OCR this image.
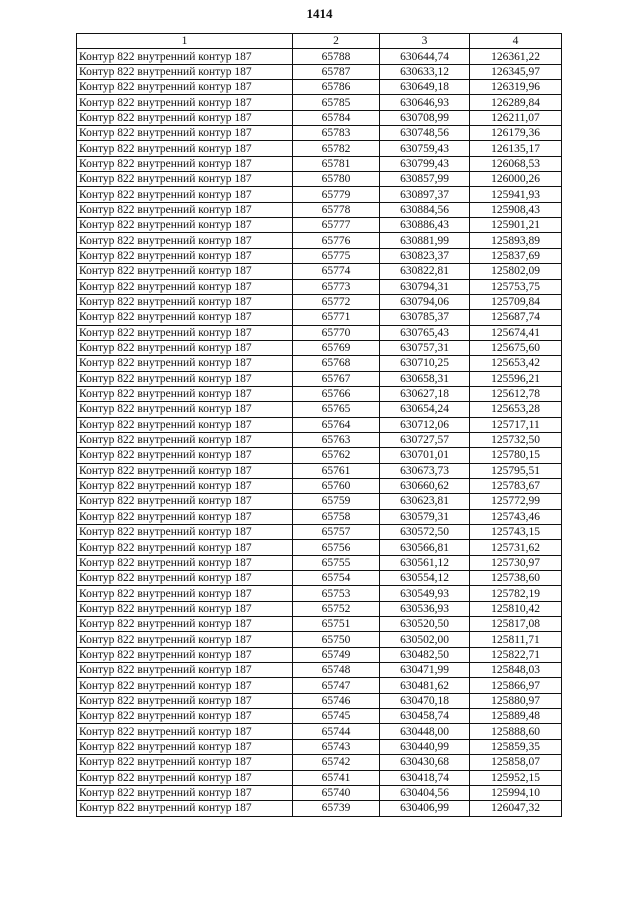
1414
1	2	3	4
Контур 822 внутренний контур 187	65788	630644,74	126361,22
Контур 822 внутренний контур 187	65787	630633,12	126345,97
Контур 822 внутренний контур 187	65786	630649,18	126319,96
Контур 822 внутренний контур 187	65785	630646,93	126289,84
Контур 822 внутренний контур 187	65784	630708,99	126211,07
Контур 822 внутренний контур 187	65783	630748,56	126179,36
Контур 822 внутренний контур 187	65782	630759,43	126135,17
Контур 822 внутренний контур 187	65781	630799,43	126068,53
Контур 822 внутренний контур 187	65780	630857,99	126000,26
Контур 822 внутренний контур 187	65779	630897,37	125941,93
Контур 822 внутренний контур 187	65778	630884,56	125908,43
Контур 822 внутренний контур 187	65777	630886,43	125901,21
Контур 822 внутренний контур 187	65776	630881,99	125893,89
Контур 822 внутренний контур 187	65775	630823,37	125837,69
Контур 822 внутренний контур 187	65774	630822,81	125802,09
Контур 822 внутренний контур 187	65773	630794,31	125753,75
Контур 822 внутренний контур 187	65772	630794,06	125709,84
Контур 822 внутренний контур 187	65771	630785,37	125687,74
Контур 822 внутренний контур 187	65770	630765,43	125674,41
Контур 822 внутренний контур 187	65769	630757,31	125675,60
Контур 822 внутренний контур 187	65768	630710,25	125653,42
Контур 822 внутренний контур 187	65767	630658,31	125596,21
Контур 822 внутренний контур 187	65766	630627,18	125612,78
Контур 822 внутренний контур 187	65765	630654,24	125653,28
Контур 822 внутренний контур 187	65764	630712,06	125717,11
Контур 822 внутренний контур 187	65763	630727,57	125732,50
Контур 822 внутренний контур 187	65762	630701,01	125780,15
Контур 822 внутренний контур 187	65761	630673,73	125795,51
Контур 822 внутренний контур 187	65760	630660,62	125783,67
Контур 822 внутренний контур 187	65759	630623,81	125772,99
Контур 822 внутренний контур 187	65758	630579,31	125743,46
Контур 822 внутренний контур 187	65757	630572,50	125743,15
Контур 822 внутренний контур 187	65756	630566,81	125731,62
Контур 822 внутренний контур 187	65755	630561,12	125730,97
Контур 822 внутренний контур 187	65754	630554,12	125738,60
Контур 822 внутренний контур 187	65753	630549,93	125782,19
Контур 822 внутренний контур 187	65752	630536,93	125810,42
Контур 822 внутренний контур 187	65751	630520,50	125817,08
Контур 822 внутренний контур 187	65750	630502,00	125811,71
Контур 822 внутренний контур 187	65749	630482,50	125822,71
Контур 822 внутренний контур 187	65748	630471,99	125848,03
Контур 822 внутренний контур 187	65747	630481,62	125866,97
Контур 822 внутренний контур 187	65746	630470,18	125880,97
Контур 822 внутренний контур 187	65745	630458,74	125889,48
Контур 822 внутренний контур 187	65744	630448,00	125888,60
Контур 822 внутренний контур 187	65743	630440,99	125859,35
Контур 822 внутренний контур 187	65742	630430,68	125858,07
Контур 822 внутренний контур 187	65741	630418,74	125952,15
Контур 822 внутренний контур 187	65740	630404,56	125994,10
Контур 822 внутренний контур 187	65739	630406,99	126047,32
